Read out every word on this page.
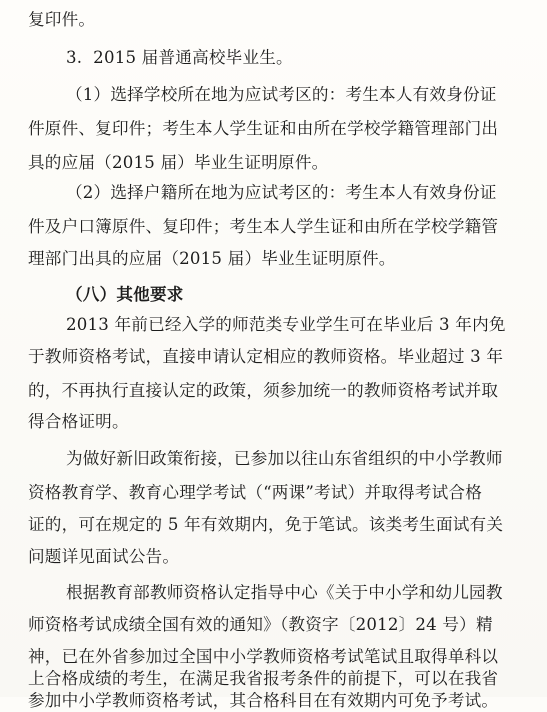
复印件。
3.  2015 届普通高校毕业生。
（1）选择学校所在地为应试考区的：考生本人有效身份证
件原件、复印件；考生本人学生证和由所在学校学籍管理部门出
具的应届（2015 届）毕业生证明原件。
（2）选择户籍所在地为应试考区的：考生本人有效身份证
件及户口簿原件、复印件；考生本人学生证和由所在学校学籍管
理部门出具的应届（2015 届）毕业生证明原件。
（八）其他要求
2013 年前已经入学的师范类专业学生可在毕业后 3 年内免
于教师资格考试，直接申请认定相应的教师资格。毕业超过 3 年
的，不再执行直接认定的政策，须参加统一的教师资格考试并取
得合格证明。
为做好新旧政策衔接，已参加以往山东省组织的中小学教师
资格教育学、教育心理学考试（“两课”考试）并取得考试合格
证的，可在规定的 5 年有效期内，免于笔试。该类考生面试有关
问题详见面试公告。
根据教育部教师资格认定指导中心《关于中小学和幼儿园教
师资格考试成绩全国有效的通知》（教资字〔2012〕24 号）精
神，已在外省参加过全国中小学教师资格考试笔试且取得单科以
上合格成绩的考生，在满足我省报考条件的前提下，可以在我省
参加中小学教师资格考试，其合格科目在有效期内可免予考试。
